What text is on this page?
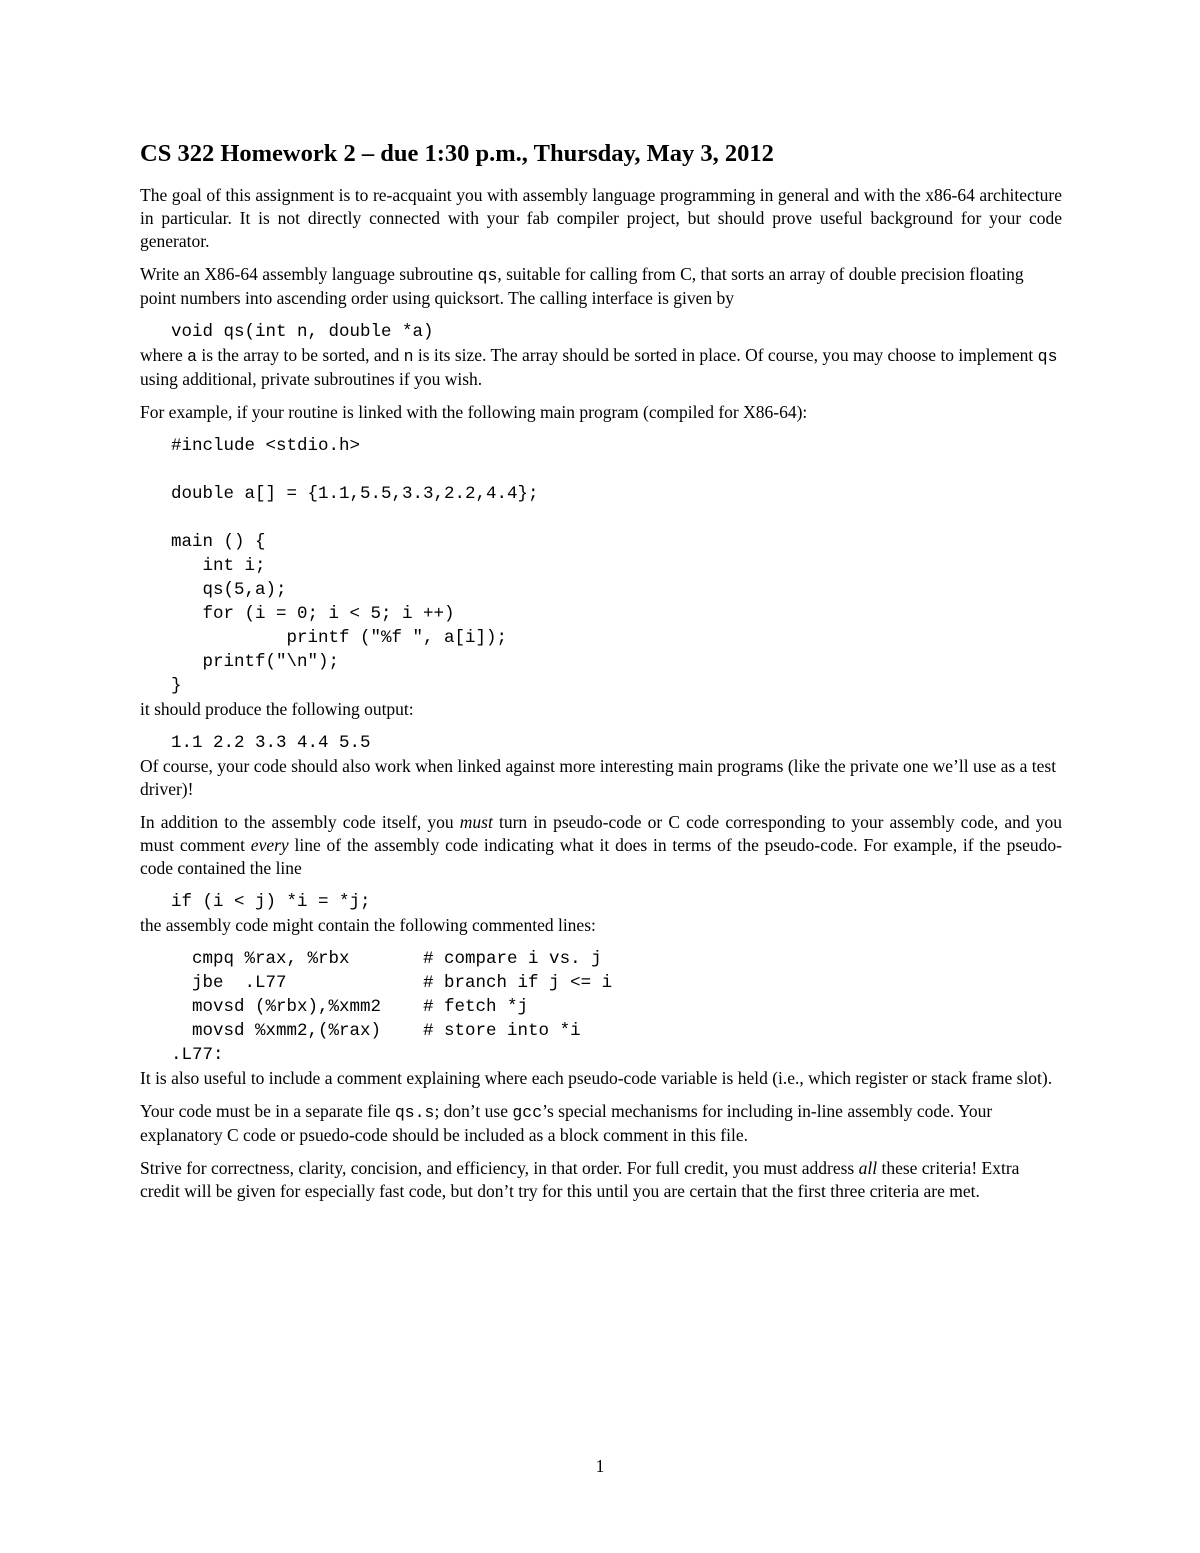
CS 322 Homework 2 – due 1:30 p.m., Thursday, May 3, 2012

The goal of this assignment is to re-acquaint you with assembly language programming in general and with the x86-64 architecture in particular. It is not directly connected with your fab compiler project, but should prove useful background for your code generator.

Write an X86-64 assembly language subroutine qs, suitable for calling from C, that sorts an array of double precision floating point numbers into ascending order using quicksort. The calling interface is given by

void qs(int n, double *a)

where a is the array to be sorted, and n is its size. The array should be sorted in place. Of course, you may choose to implement qs using additional, private subroutines if you wish.

For example, if your routine is linked with the following main program (compiled for X86-64):

#include <stdio.h>

double a[] = {1.1,5.5,3.3,2.2,4.4};

main () {
int i;
qs(5,a);
for (i = 0; i < 5; i ++)
printf ("%f ", a[i]);
printf("\n");
}

it should produce the following output:

1.1 2.2 3.3 4.4 5.5

Of course, your code should also work when linked against more interesting main programs (like the private one we’ll use as a test driver)!

In addition to the assembly code itself, you must turn in pseudo-code or C code corresponding to your assembly code, and you must comment every line of the assembly code indicating what it does in terms of the pseudo-code. For example, if the pseudo-code contained the line

if (i < j) *i = *j;

the assembly code might contain the following commented lines:

cmpq %rax, %rbx       # compare i vs. j
jbe  .L77             # branch if j <= i
movsd (%rbx),%xmm2    # fetch *j
movsd %xmm2,(%rax)    # store into *i
.L77:

It is also useful to include a comment explaining where each pseudo-code variable is held (i.e., which register or stack frame slot).

Your code must be in a separate file qs.s; don’t use gcc’s special mechanisms for including in-line assembly code. Your explanatory C code or psuedo-code should be included as a block comment in this file.

Strive for correctness, clarity, concision, and efficiency, in that order. For full credit, you must address all these criteria! Extra credit will be given for especially fast code, but don’t try for this until you are certain that the first three criteria are met.

1
